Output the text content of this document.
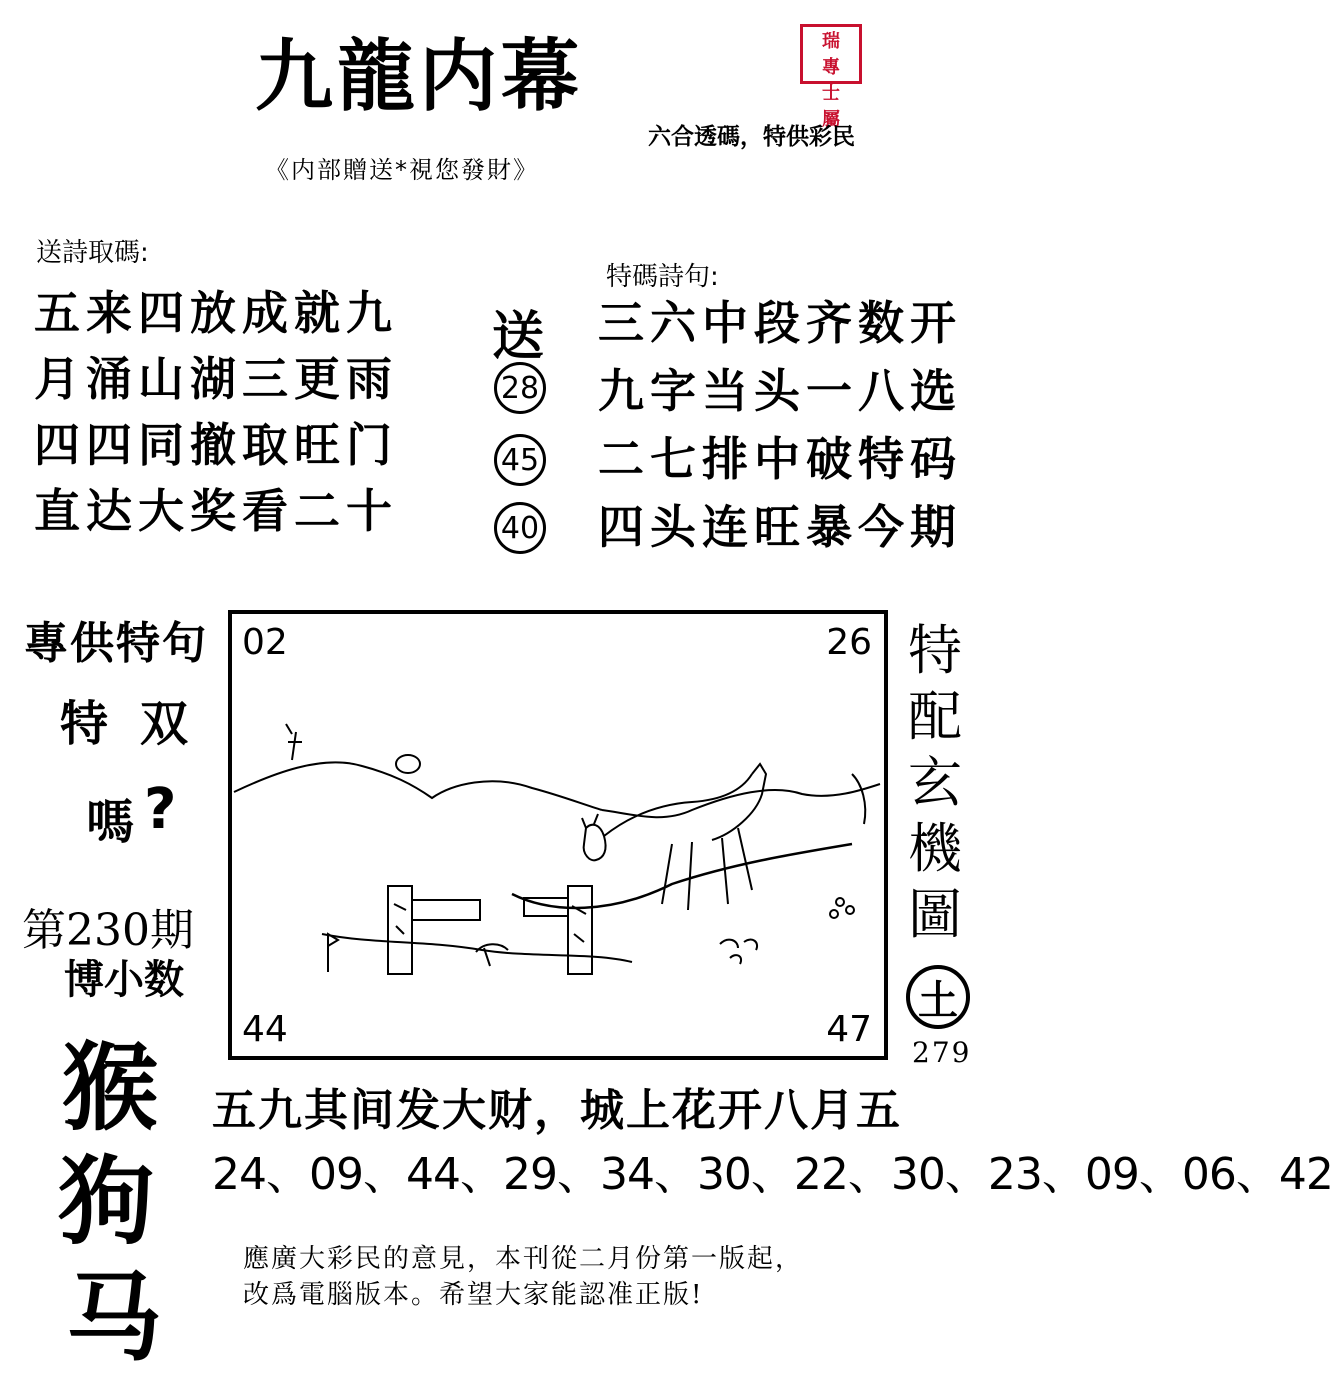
九龍内幕	瑞
專
士
屬
六合透碼，特供彩民
《内部贈送*視您發財》
送詩取碼:
五来四放成就九
月涌山湖三更雨
四四同撤取旺门
直达大奖看二十
送
28
45
40
特碼詩句:
三六中段齐数开
九字当头一八选
二七排中破特码
四头连旺暴今期
專供特句
特 双
嗎 ?
第230期
博小数
猴
狗
马
02	26
44	47
特
配
玄
機
圖
土
279
五九其间发大财，城上花开八月五
24、09、44、29、34、30、22、30、23、09、06、42
應廣大彩民的意見，本刊從二月份第一版起，
改爲電腦版本。希望大家能認准正版!
